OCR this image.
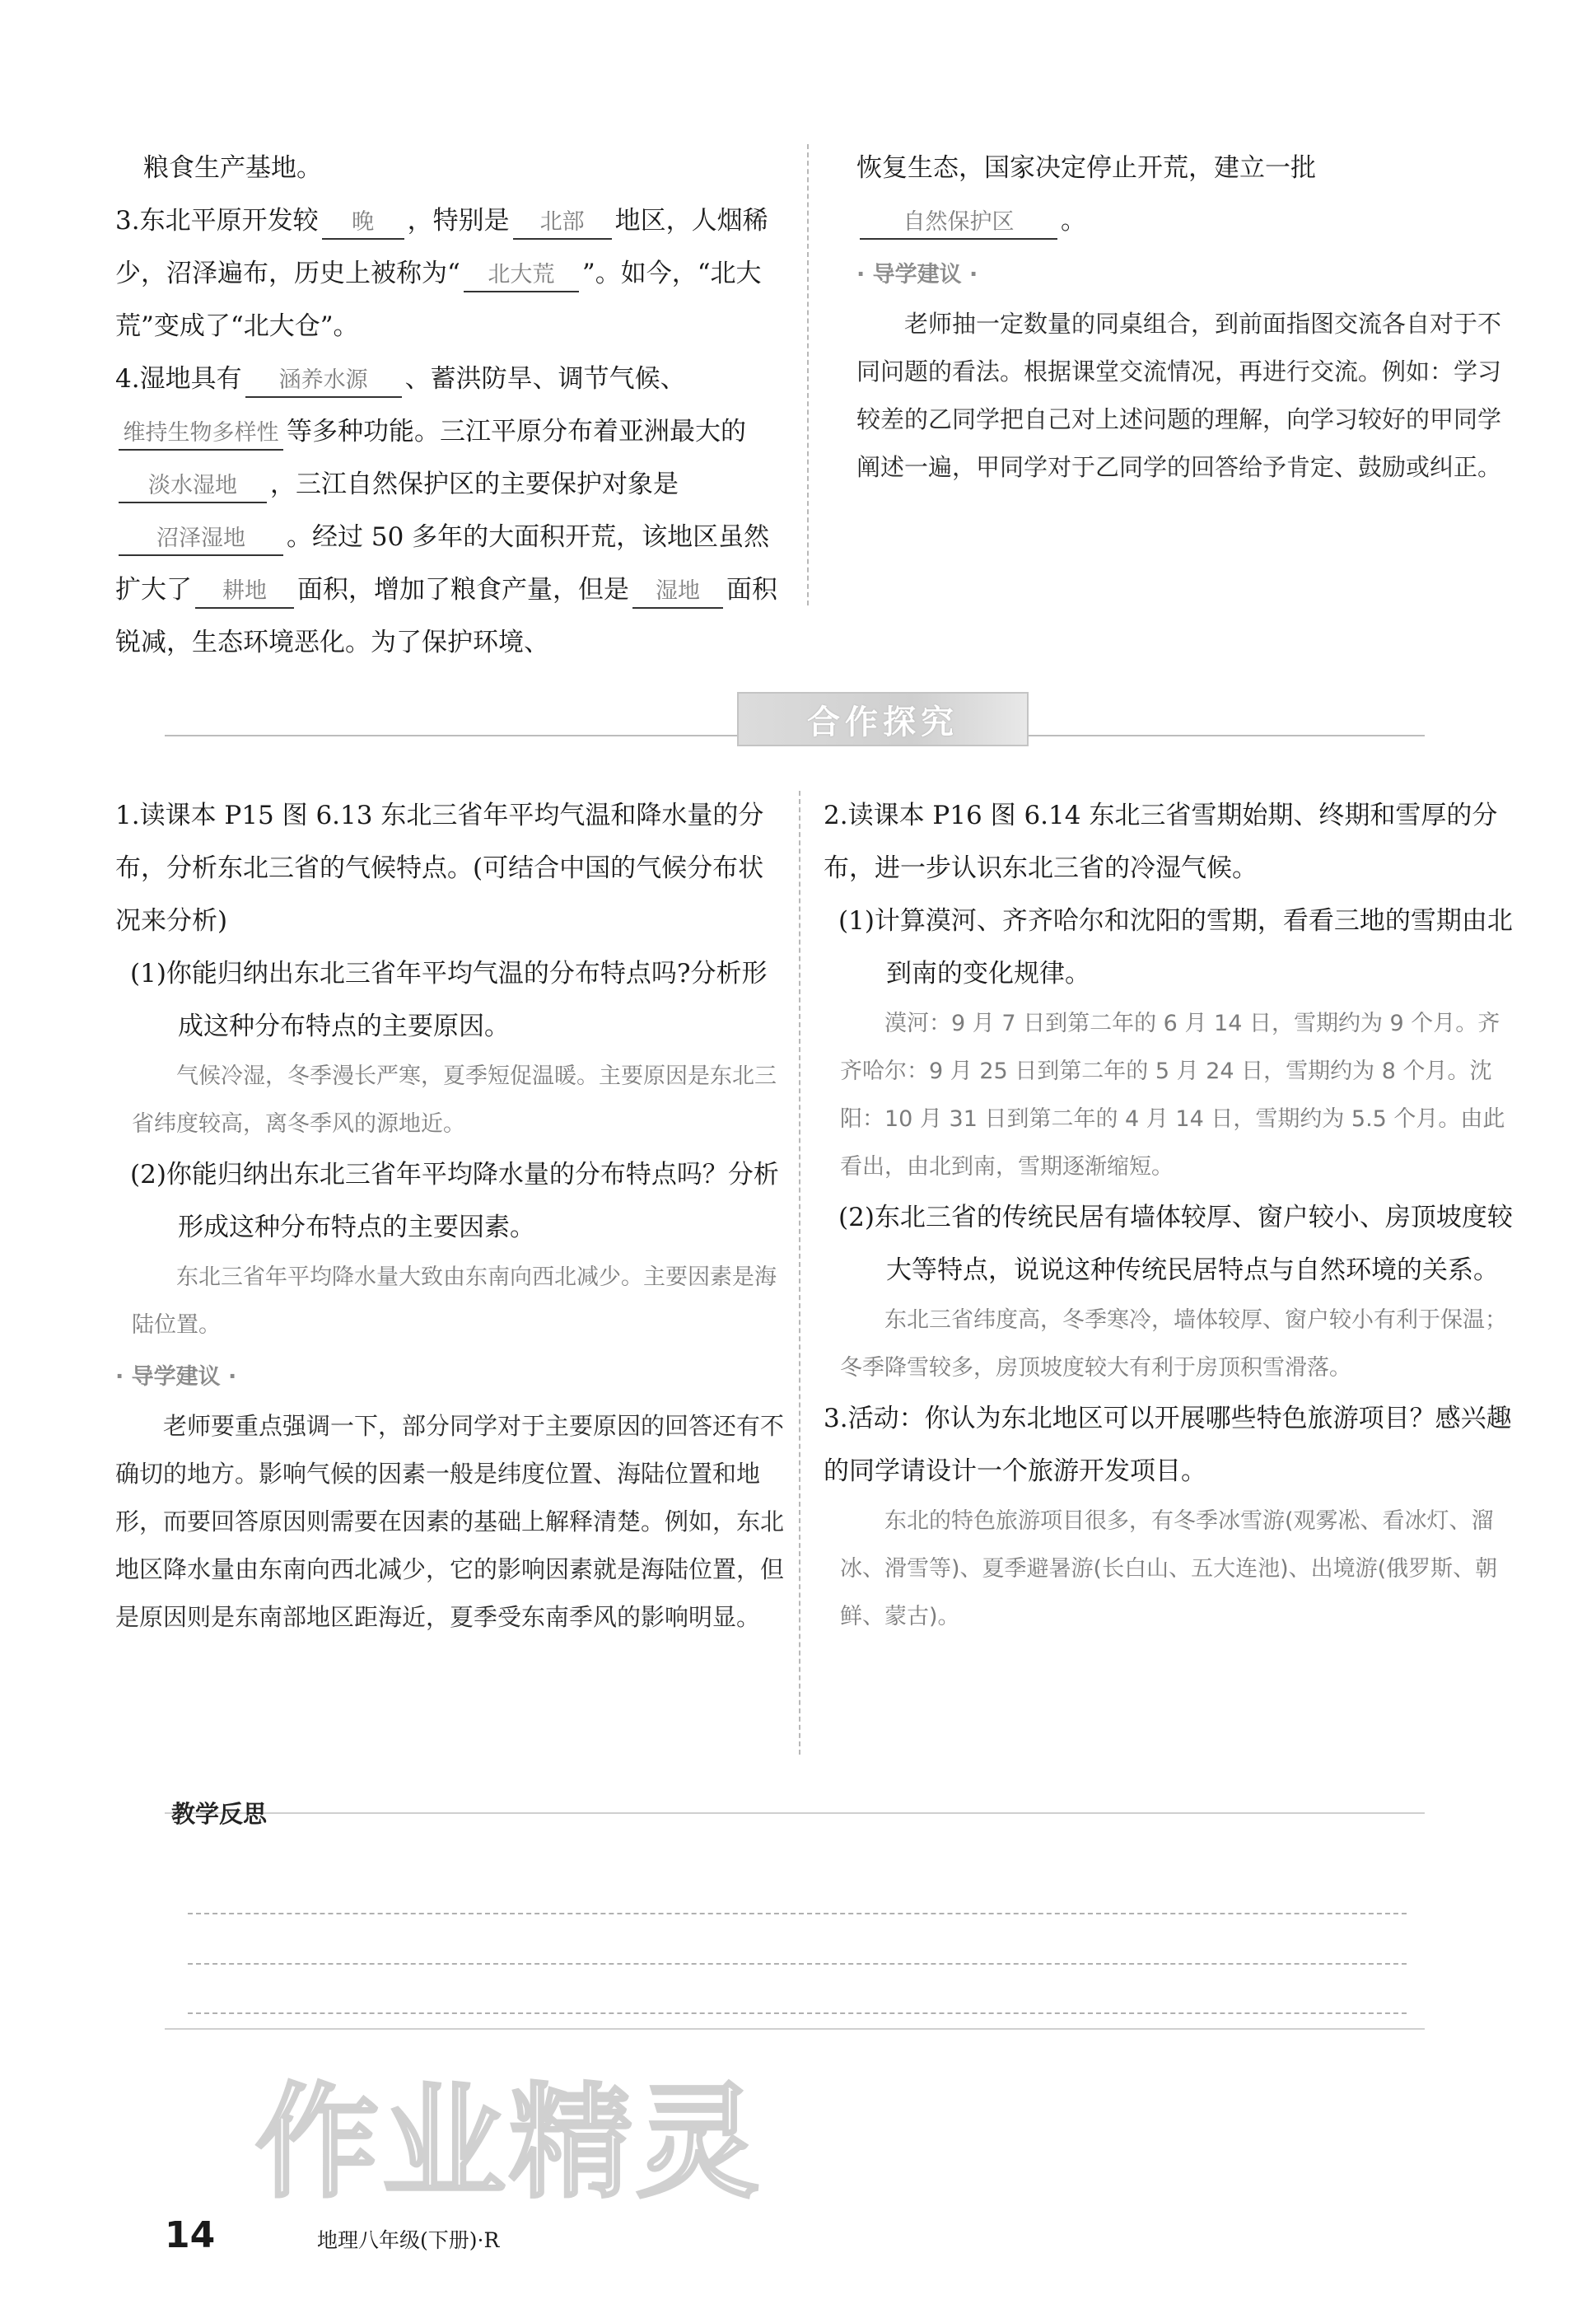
粮食生产基地。

3.东北平原开发较 晚 ，特别是 北部 地区，人烟稀少，沼泽遍布，历史上被称为“ 北大荒 ”。如今，“北大荒”变成了“北大仓”。

4.湿地具有 涵养水源 、蓄洪防旱、调节气候、维持生物多样性 等多种功能。三江平原分布着亚洲最大的淡水湿地 ，三江自然保护区的主要保护对象是沼泽湿地 。经过 50 多年的大面积开荒，该地区虽然扩大了 耕地 面积，增加了粮食产量，但是 湿地 面积锐减，生态环境恶化。为了保护环境、

恢复生态，国家决定停止开荒，建立一批自然保护区 。

· 导学建议 ·

老师抽一定数量的同桌组合，到前面指图交流各自对于不同问题的看法。根据课堂交流情况，再进行交流。例如：学习较差的乙同学把自己对上述问题的理解，向学习较好的甲同学阐述一遍，甲同学对于乙同学的回答给予肯定、鼓励或纠正。

合作探究

1.读课本 P15 图 6.13 东北三省年平均气温和降水量的分布，分析东北三省的气候特点。(可结合中国的气候分布状况来分析)

(1)你能归纳出东北三省年平均气温的分布特点吗?分析形成这种分布特点的主要原因。

气候冷湿，冬季漫长严寒，夏季短促温暖。主要原因是东北三省纬度较高，离冬季风的源地近。

(2)你能归纳出东北三省年平均降水量的分布特点吗？分析形成这种分布特点的主要因素。

东北三省年平均降水量大致由东南向西北减少。主要因素是海陆位置。

· 导学建议 ·

老师要重点强调一下，部分同学对于主要原因的回答还有不确切的地方。影响气候的因素一般是纬度位置、海陆位置和地形，而要回答原因则需要在因素的基础上解释清楚。例如，东北地区降水量由东南向西北减少，它的影响因素就是海陆位置，但是原因则是东南部地区距海近，夏季受东南季风的影响明显。

2.读课本 P16 图 6.14 东北三省雪期始期、终期和雪厚的分布，进一步认识东北三省的冷湿气候。

(1)计算漠河、齐齐哈尔和沈阳的雪期，看看三地的雪期由北到南的变化规律。

漠河：9 月 7 日到第二年的 6 月 14 日，雪期约为 9 个月。齐齐哈尔：9 月 25 日到第二年的 5 月 24 日，雪期约为 8 个月。沈阳：10 月 31 日到第二年的 4 月 14 日，雪期约为 5.5 个月。由此看出，由北到南，雪期逐渐缩短。

(2)东北三省的传统民居有墙体较厚、窗户较小、房顶坡度较大等特点，说说这种传统民居特点与自然环境的关系。

东北三省纬度高，冬季寒冷，墙体较厚、窗户较小有利于保温；冬季降雪较多，房顶坡度较大有利于房顶积雪滑落。

3.活动：你认为东北地区可以开展哪些特色旅游项目？感兴趣的同学请设计一个旅游开发项目。

东北的特色旅游项目很多，有冬季冰雪游(观雾凇、看冰灯、溜冰、滑雪等)、夏季避暑游(长白山、五大连池)、出境游(俄罗斯、朝鲜、蒙古)。

教学反思
作业精灵
14	地理八年级(下册)·R
